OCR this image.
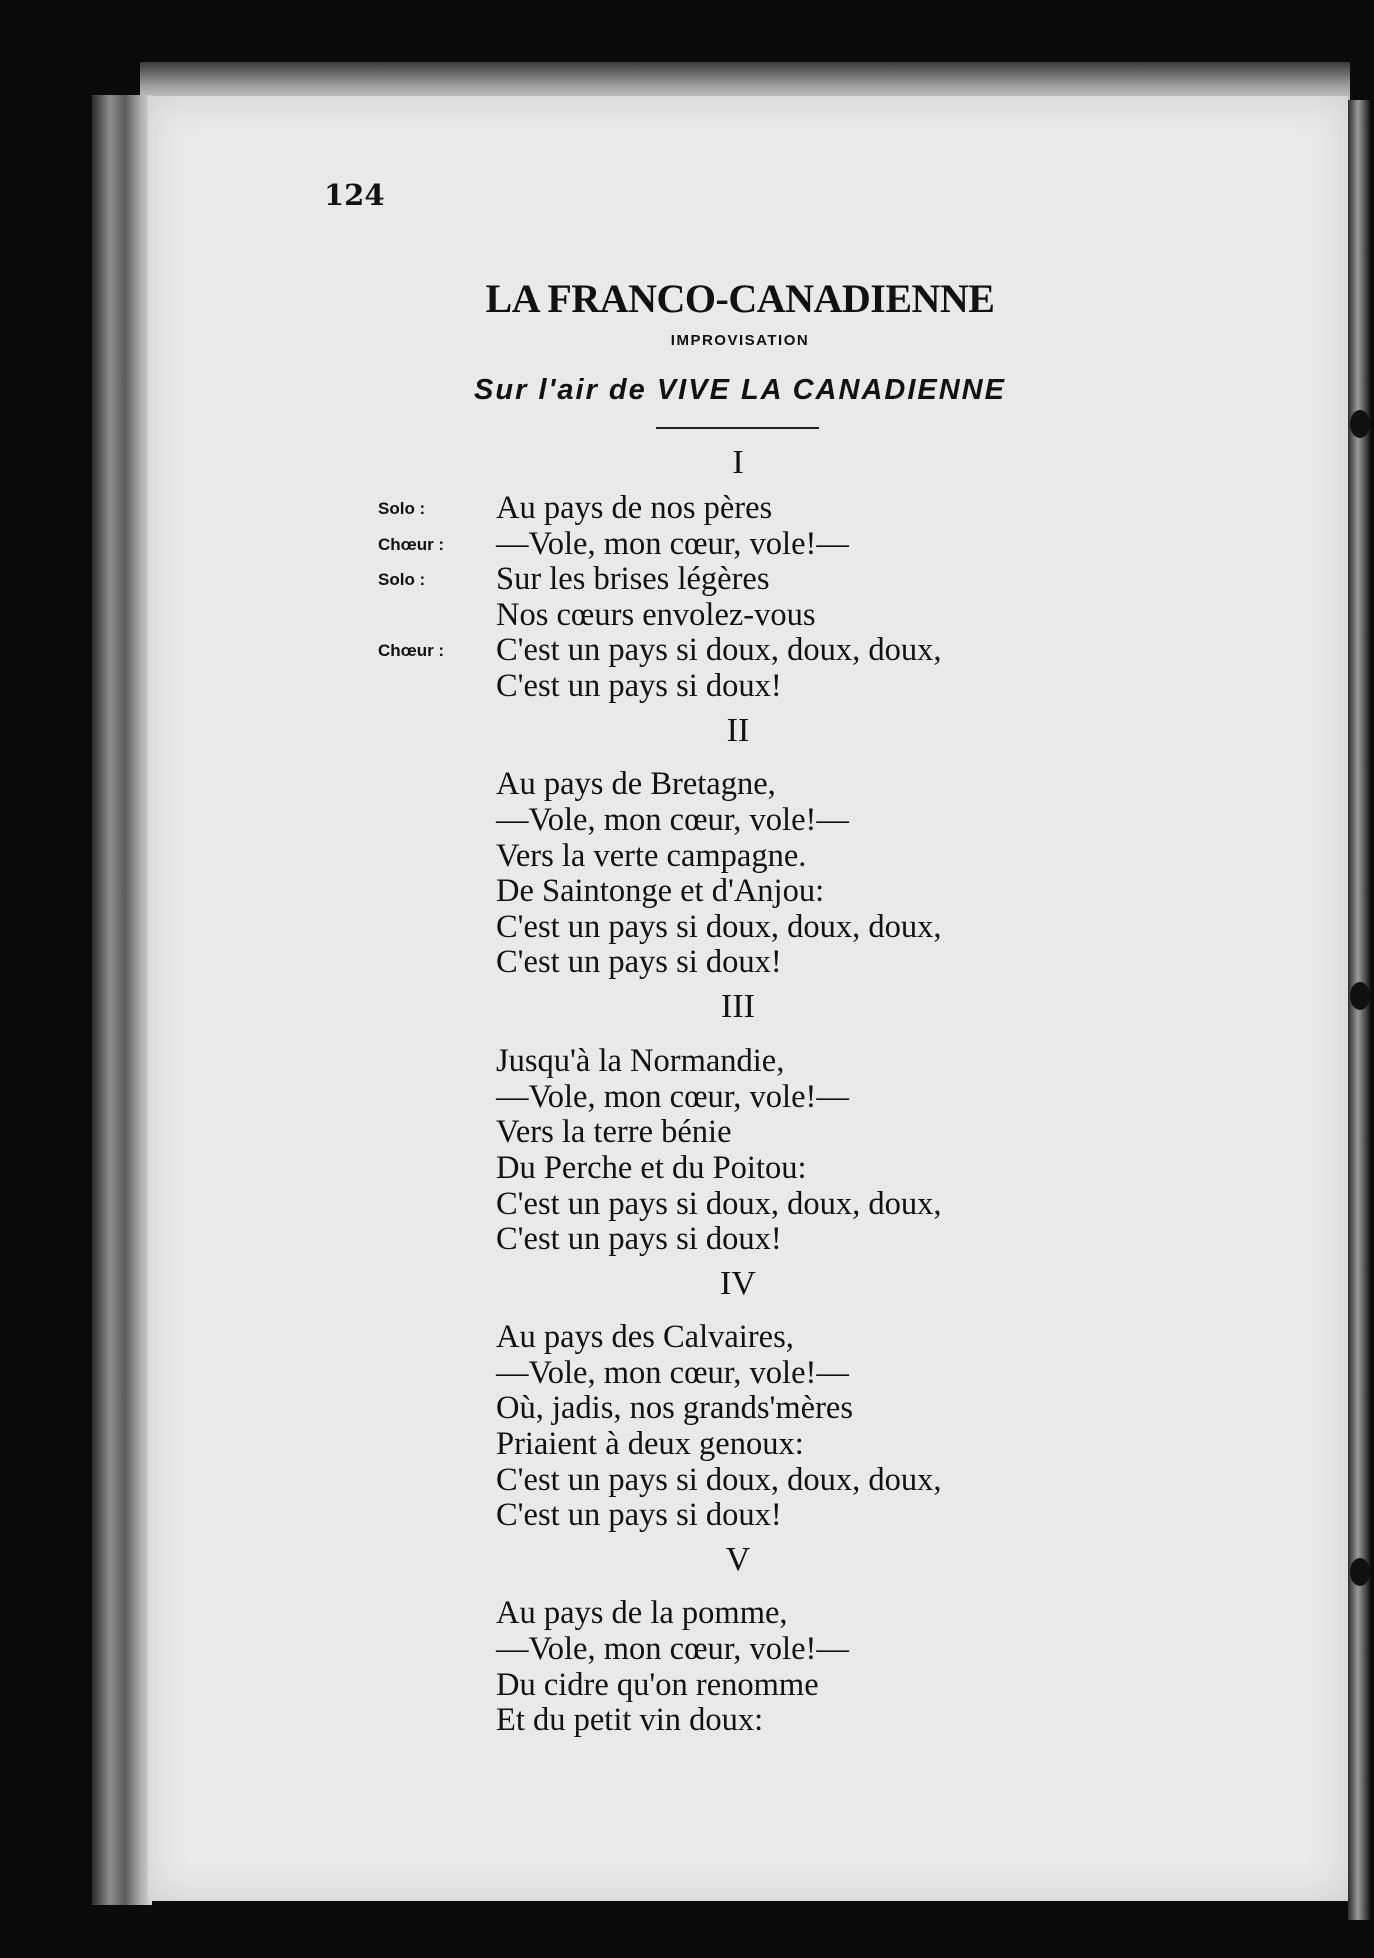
124
LA FRANCO-CANADIENNE
IMPROVISATION
Sur l'air de VIVE LA CANADIENNE
I
Solo : Au pays de nos pères
Chœur : —Vole, mon cœur, vole!—
Solo : Sur les brises légères
Nos cœurs envolez-vous
Chœur : C'est un pays si doux, doux, doux,
C'est un pays si doux!
II
Au pays de Bretagne,
—Vole, mon cœur, vole!—
Vers la verte campagne.
De Saintonge et d'Anjou:
C'est un pays si doux, doux, doux,
C'est un pays si doux!
III
Jusqu'à la Normandie,
—Vole, mon cœur, vole!—
Vers la terre bénie
Du Perche et du Poitou:
C'est un pays si doux, doux, doux,
C'est un pays si doux!
IV
Au pays des Calvaires,
—Vole, mon cœur, vole!—
Où, jadis, nos grands'mères
Priaient à deux genoux:
C'est un pays si doux, doux, doux,
C'est un pays si doux!
V
Au pays de la pomme,
—Vole, mon cœur, vole!—
Du cidre qu'on renomme
Et du petit vin doux:
